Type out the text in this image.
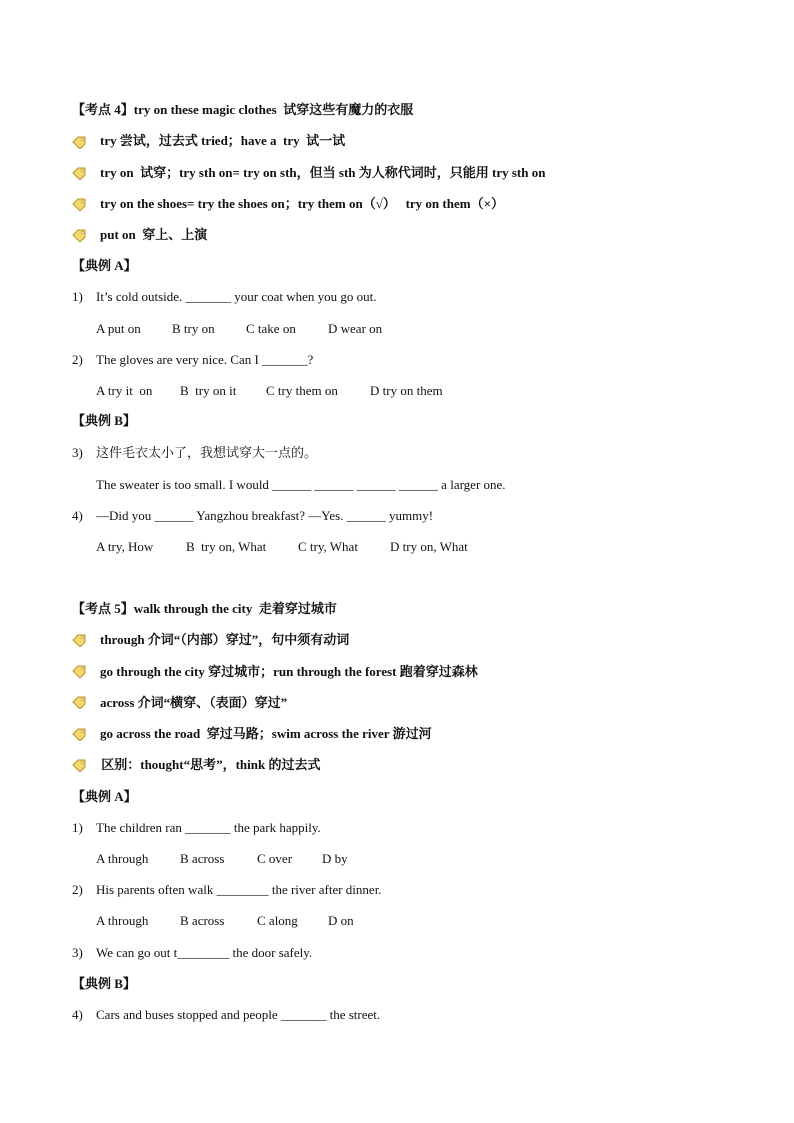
【考点 4】try on these magic clothes  试穿这些有魔力的衣服
try 尝试，过去式 tried；have a  try  试一试
try on  试穿；try sth on= try on sth，但当 sth 为人称代词时，只能用 try sth on
try on the shoes= try the shoes on；try them on（√）   try on them（×）
put on  穿上、上演
【典例 A】
1) It’s cold outside. _______ your coat when you go out.
A put on B try on C take on D wear on
2) The gloves are very nice. Can I _______?
A try it  on B  try on it C try them on D try on them
【典例 B】
3) 这件毛衣太小了，我想试穿大一点的。
The sweater is too small. I would ______ ______ ______ ______ a larger one.
4) —Did you ______ Yangzhou breakfast? —Yes. ______ yummy!
A try, How	B  try on, What C try, What D try on, What
【考点 5】walk through the city  走着穿过城市
through 介词“（内部）穿过”，句中须有动词
go through the city 穿过城市；run through the forest 跑着穿过森林
across 介词“横穿、（表面）穿过”
go across the road  穿过马路；swim across the river 游过河
区别：thought“思考”，think 的过去式
【典例 A】
1) The children ran _______ the park happily.
A through B across	C over D by
2) His parents often walk ________ the river after dinner.
A through B across	C along D on
3) We can go out t________ the door safely.
【典例 B】
4) Cars and buses stopped and people _______ the street.
